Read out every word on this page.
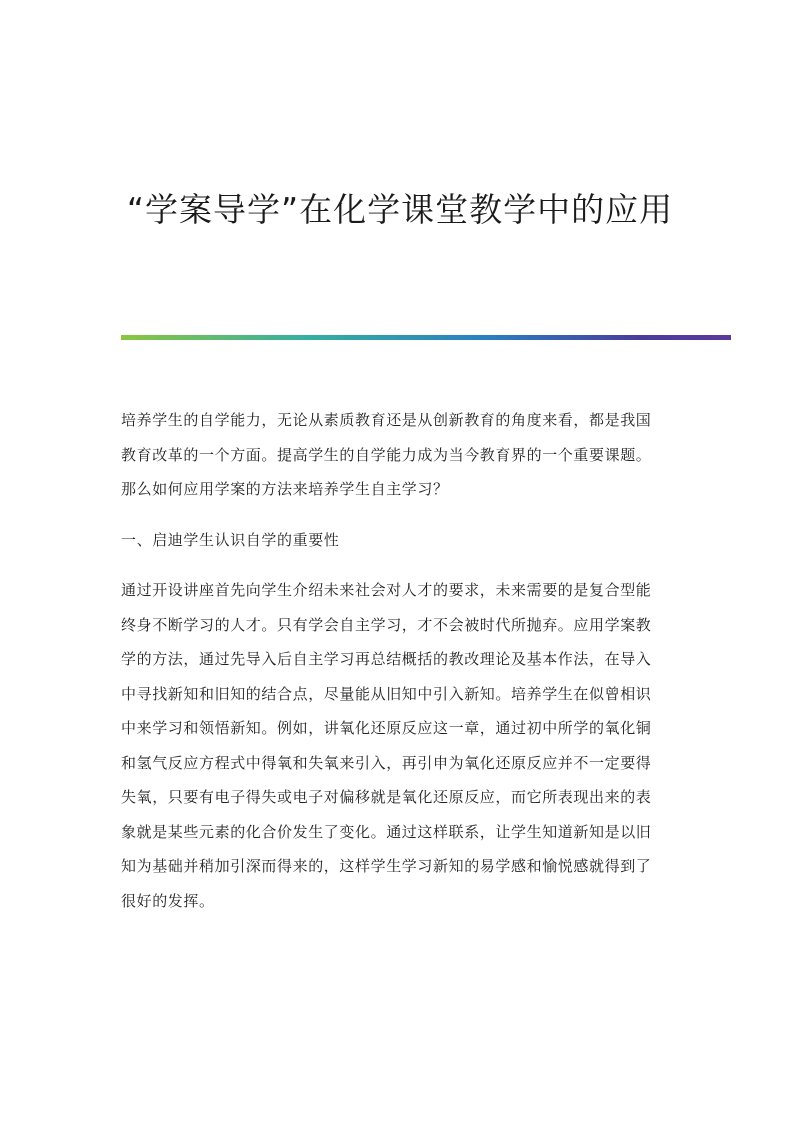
“学案导学”在化学课堂教学中的应用

培养学生的自学能力，无论从素质教育还是从创新教育的角度来看，都是我国
教育改革的一个方面。提高学生的自学能力成为当今教育界的一个重要课题。
那么如何应用学案的方法来培养学生自主学习？

一、启迪学生认识自学的重要性

通过开设讲座首先向学生介绍未来社会对人才的要求，未来需要的是复合型能
终身不断学习的人才。只有学会自主学习，才不会被时代所抛弃。应用学案教
学的方法，通过先导入后自主学习再总结概括的教改理论及基本作法，在导入
中寻找新知和旧知的结合点，尽量能从旧知中引入新知。培养学生在似曾相识
中来学习和领悟新知。例如，讲氧化还原反应这一章，通过初中所学的氧化铜
和氢气反应方程式中得氧和失氧来引入，再引申为氧化还原反应并不一定要得
失氧，只要有电子得失或电子对偏移就是氧化还原反应，而它所表现出来的表
象就是某些元素的化合价发生了变化。通过这样联系，让学生知道新知是以旧
知为基础并稍加引深而得来的，这样学生学习新知的易学感和愉悦感就得到了
很好的发挥。
